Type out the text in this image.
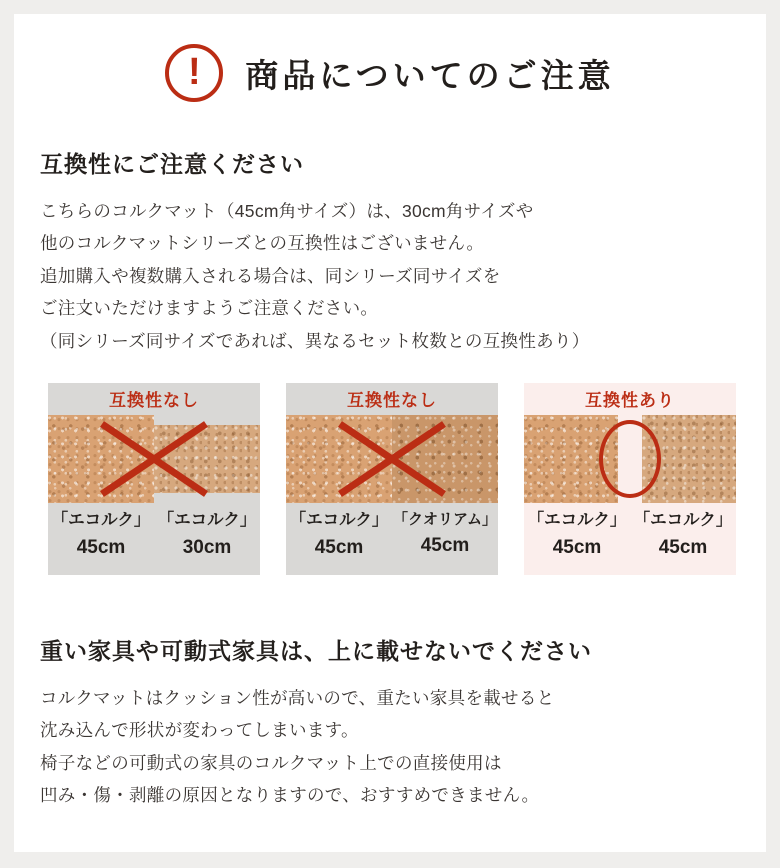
! 商品についてのご注意
互換性にご注意ください
こちらのコルクマット（45cm角サイズ）は、30cm角サイズや
他のコルクマットシリーズとの互換性はございません。
追加購入や複数購入される場合は、同シリーズ同サイズを
ご注文いただけますようご注意ください。
（同シリーズ同サイズであれば、異なるセット枚数との互換性あり）
互換性なし
「エコルク」
45cm
「エコルク」
30cm
互換性なし
「エコルク」
45cm
「クオリアム」
45cm
互換性あり
「エコルク」
45cm
「エコルク」
45cm
重い家具や可動式家具は、上に載せないでください
コルクマットはクッション性が高いので、重たい家具を載せると
沈み込んで形状が変わってしまいます。
椅子などの可動式の家具のコルクマット上での直接使用は
凹み・傷・剥離の原因となりますので、おすすめできません。
